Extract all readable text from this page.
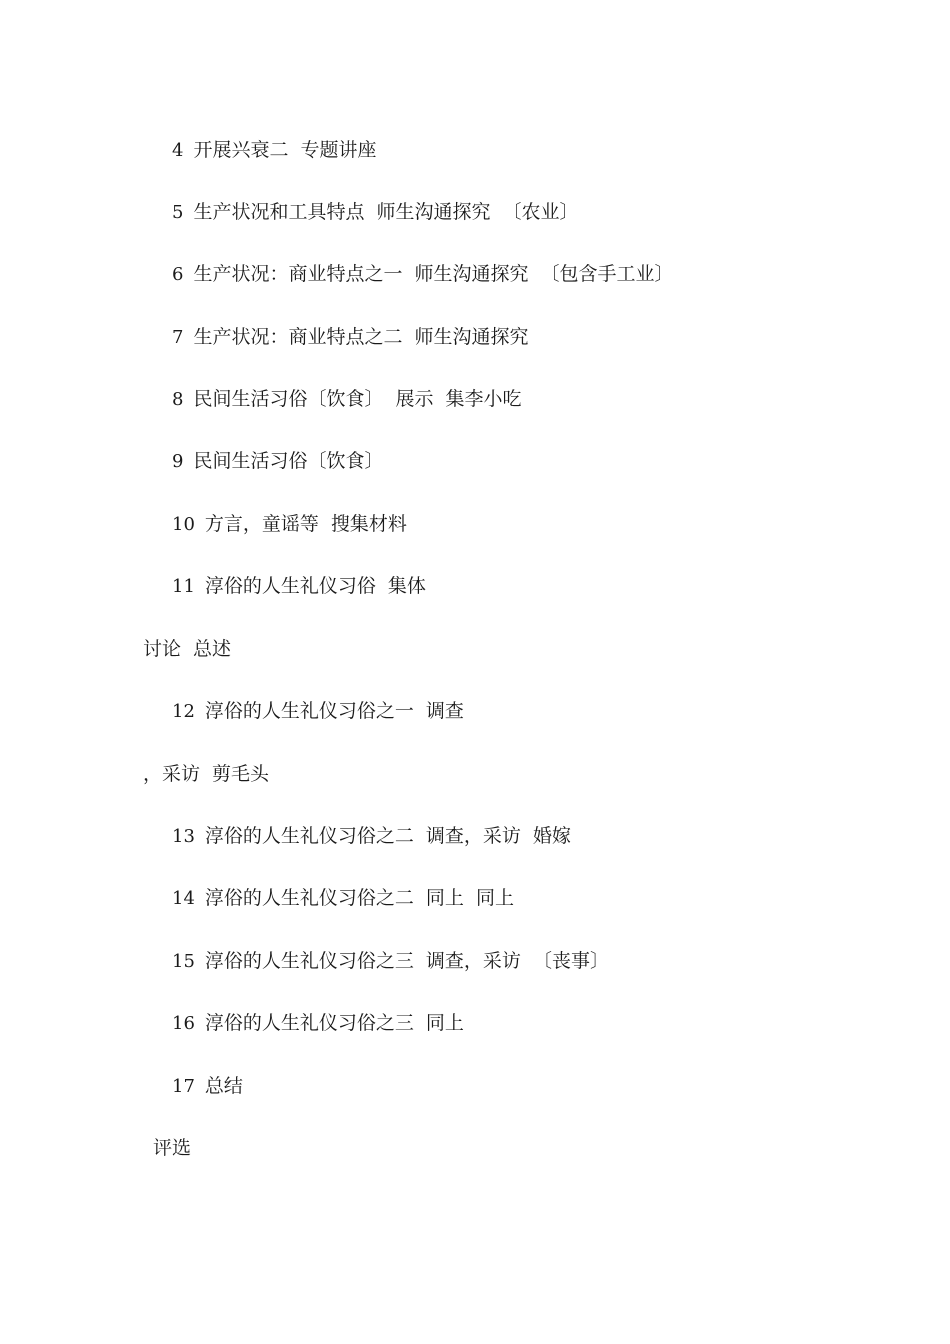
4 开展兴衰二 专题讲座
5 生产状况和工具特点 师生沟通探究 〔农业〕
6 生产状况：商业特点之一 师生沟通探究 〔包含手工业〕
7 生产状况：商业特点之二 师生沟通探究
8 民间生活习俗〔饮食〕 展示 集李小吃
9 民间生活习俗〔饮食〕
10 方言，童谣等 搜集材料
11 淳俗的人生礼仪习俗 集体
讨论 总述
12 淳俗的人生礼仪习俗之一 调查
，采访 剪毛头
13 淳俗的人生礼仪习俗之二 调查，采访 婚嫁
14 淳俗的人生礼仪习俗之二 同上 同上
15 淳俗的人生礼仪习俗之三 调查，采访 〔丧事〕
16 淳俗的人生礼仪习俗之三 同上
17 总结
评选
